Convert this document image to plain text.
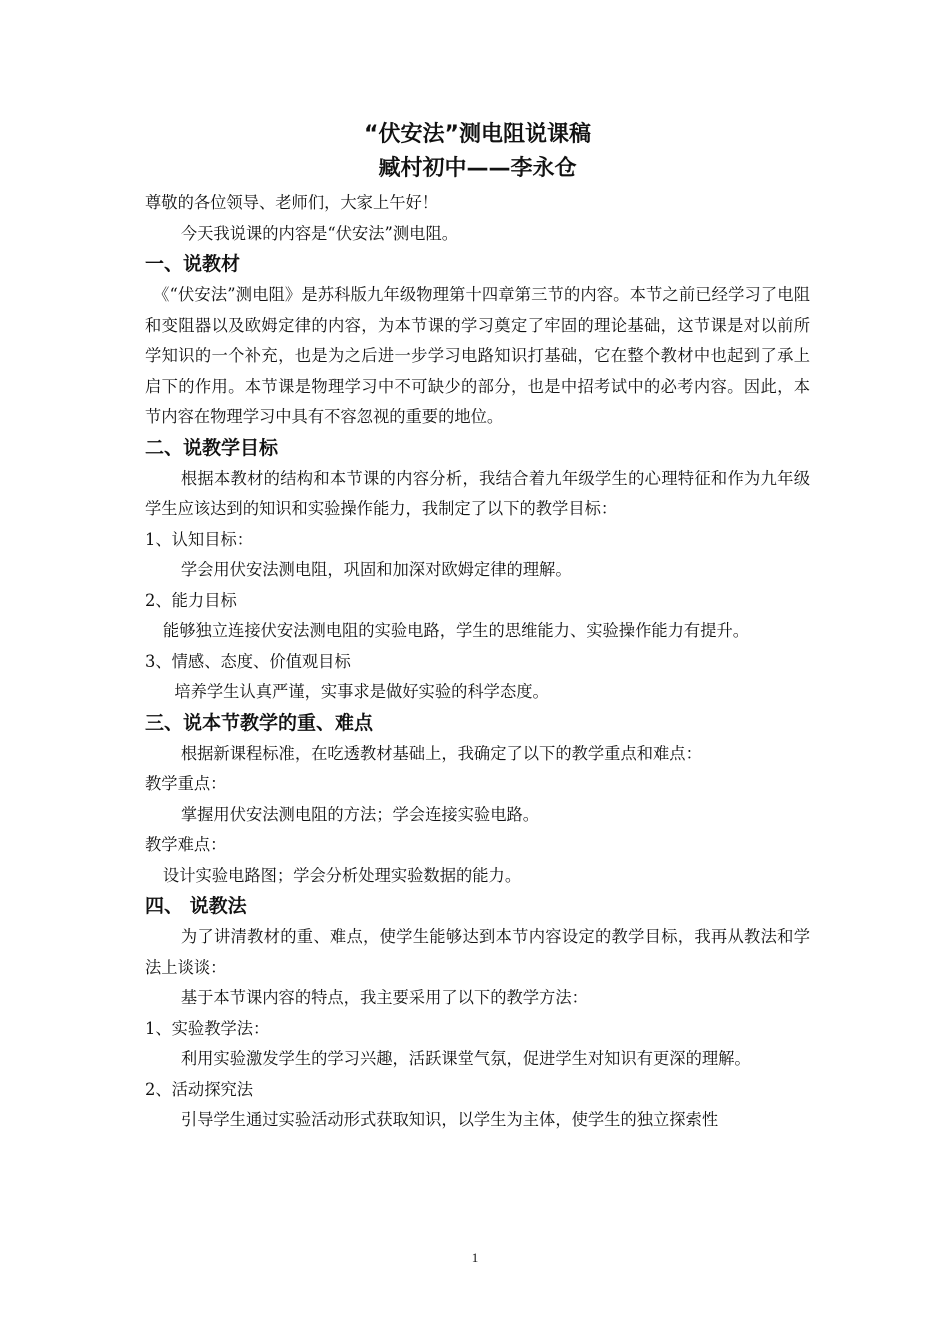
“伏安法”测电阻说课稿
臧村初中——李永仓

尊敬的各位领导、老师们，大家上午好！

今天我说课的内容是“伏安法”测电阻。

一、说教材

《“伏安法”测电阻》是苏科版九年级物理第十四章第三节的内容。本节之前已经学习了电阻和变阻器以及欧姆定律的内容，为本节课的学习奠定了牢固的理论基础，这节课是对以前所学知识的一个补充，也是为之后进一步学习电路知识打基础，它在整个教材中也起到了承上启下的作用。本节课是物理学习中不可缺少的部分，也是中招考试中的必考内容。因此，本节内容在物理学习中具有不容忽视的重要的地位。

二、说教学目标

根据本教材的结构和本节课的内容分析，我结合着九年级学生的心理特征和作为九年级学生应该达到的知识和实验操作能力，我制定了以下的教学目标：

1、认知目标：

学会用伏安法测电阻，巩固和加深对欧姆定律的理解。

2、能力目标

能够独立连接伏安法测电阻的实验电路，学生的思维能力、实验操作能力有提升。

3、情感、态度、价值观目标

培养学生认真严谨，实事求是做好实验的科学态度。

三、说本节教学的重、难点

根据新课程标准，在吃透教材基础上，我确定了以下的教学重点和难点：

教学重点：

掌握用伏安法测电阻的方法；学会连接实验电路。

教学难点：

设计实验电路图；学会分析处理实验数据的能力。

四、 说教法

为了讲清教材的重、难点，使学生能够达到本节内容设定的教学目标，我再从教法和学法上谈谈：

基于本节课内容的特点，我主要采用了以下的教学方法：

1、实验教学法：

利用实验激发学生的学习兴趣，活跃课堂气氛，促进学生对知识有更深的理解。

2、活动探究法

引导学生通过实验活动形式获取知识，以学生为主体，使学生的独立探索性

1
